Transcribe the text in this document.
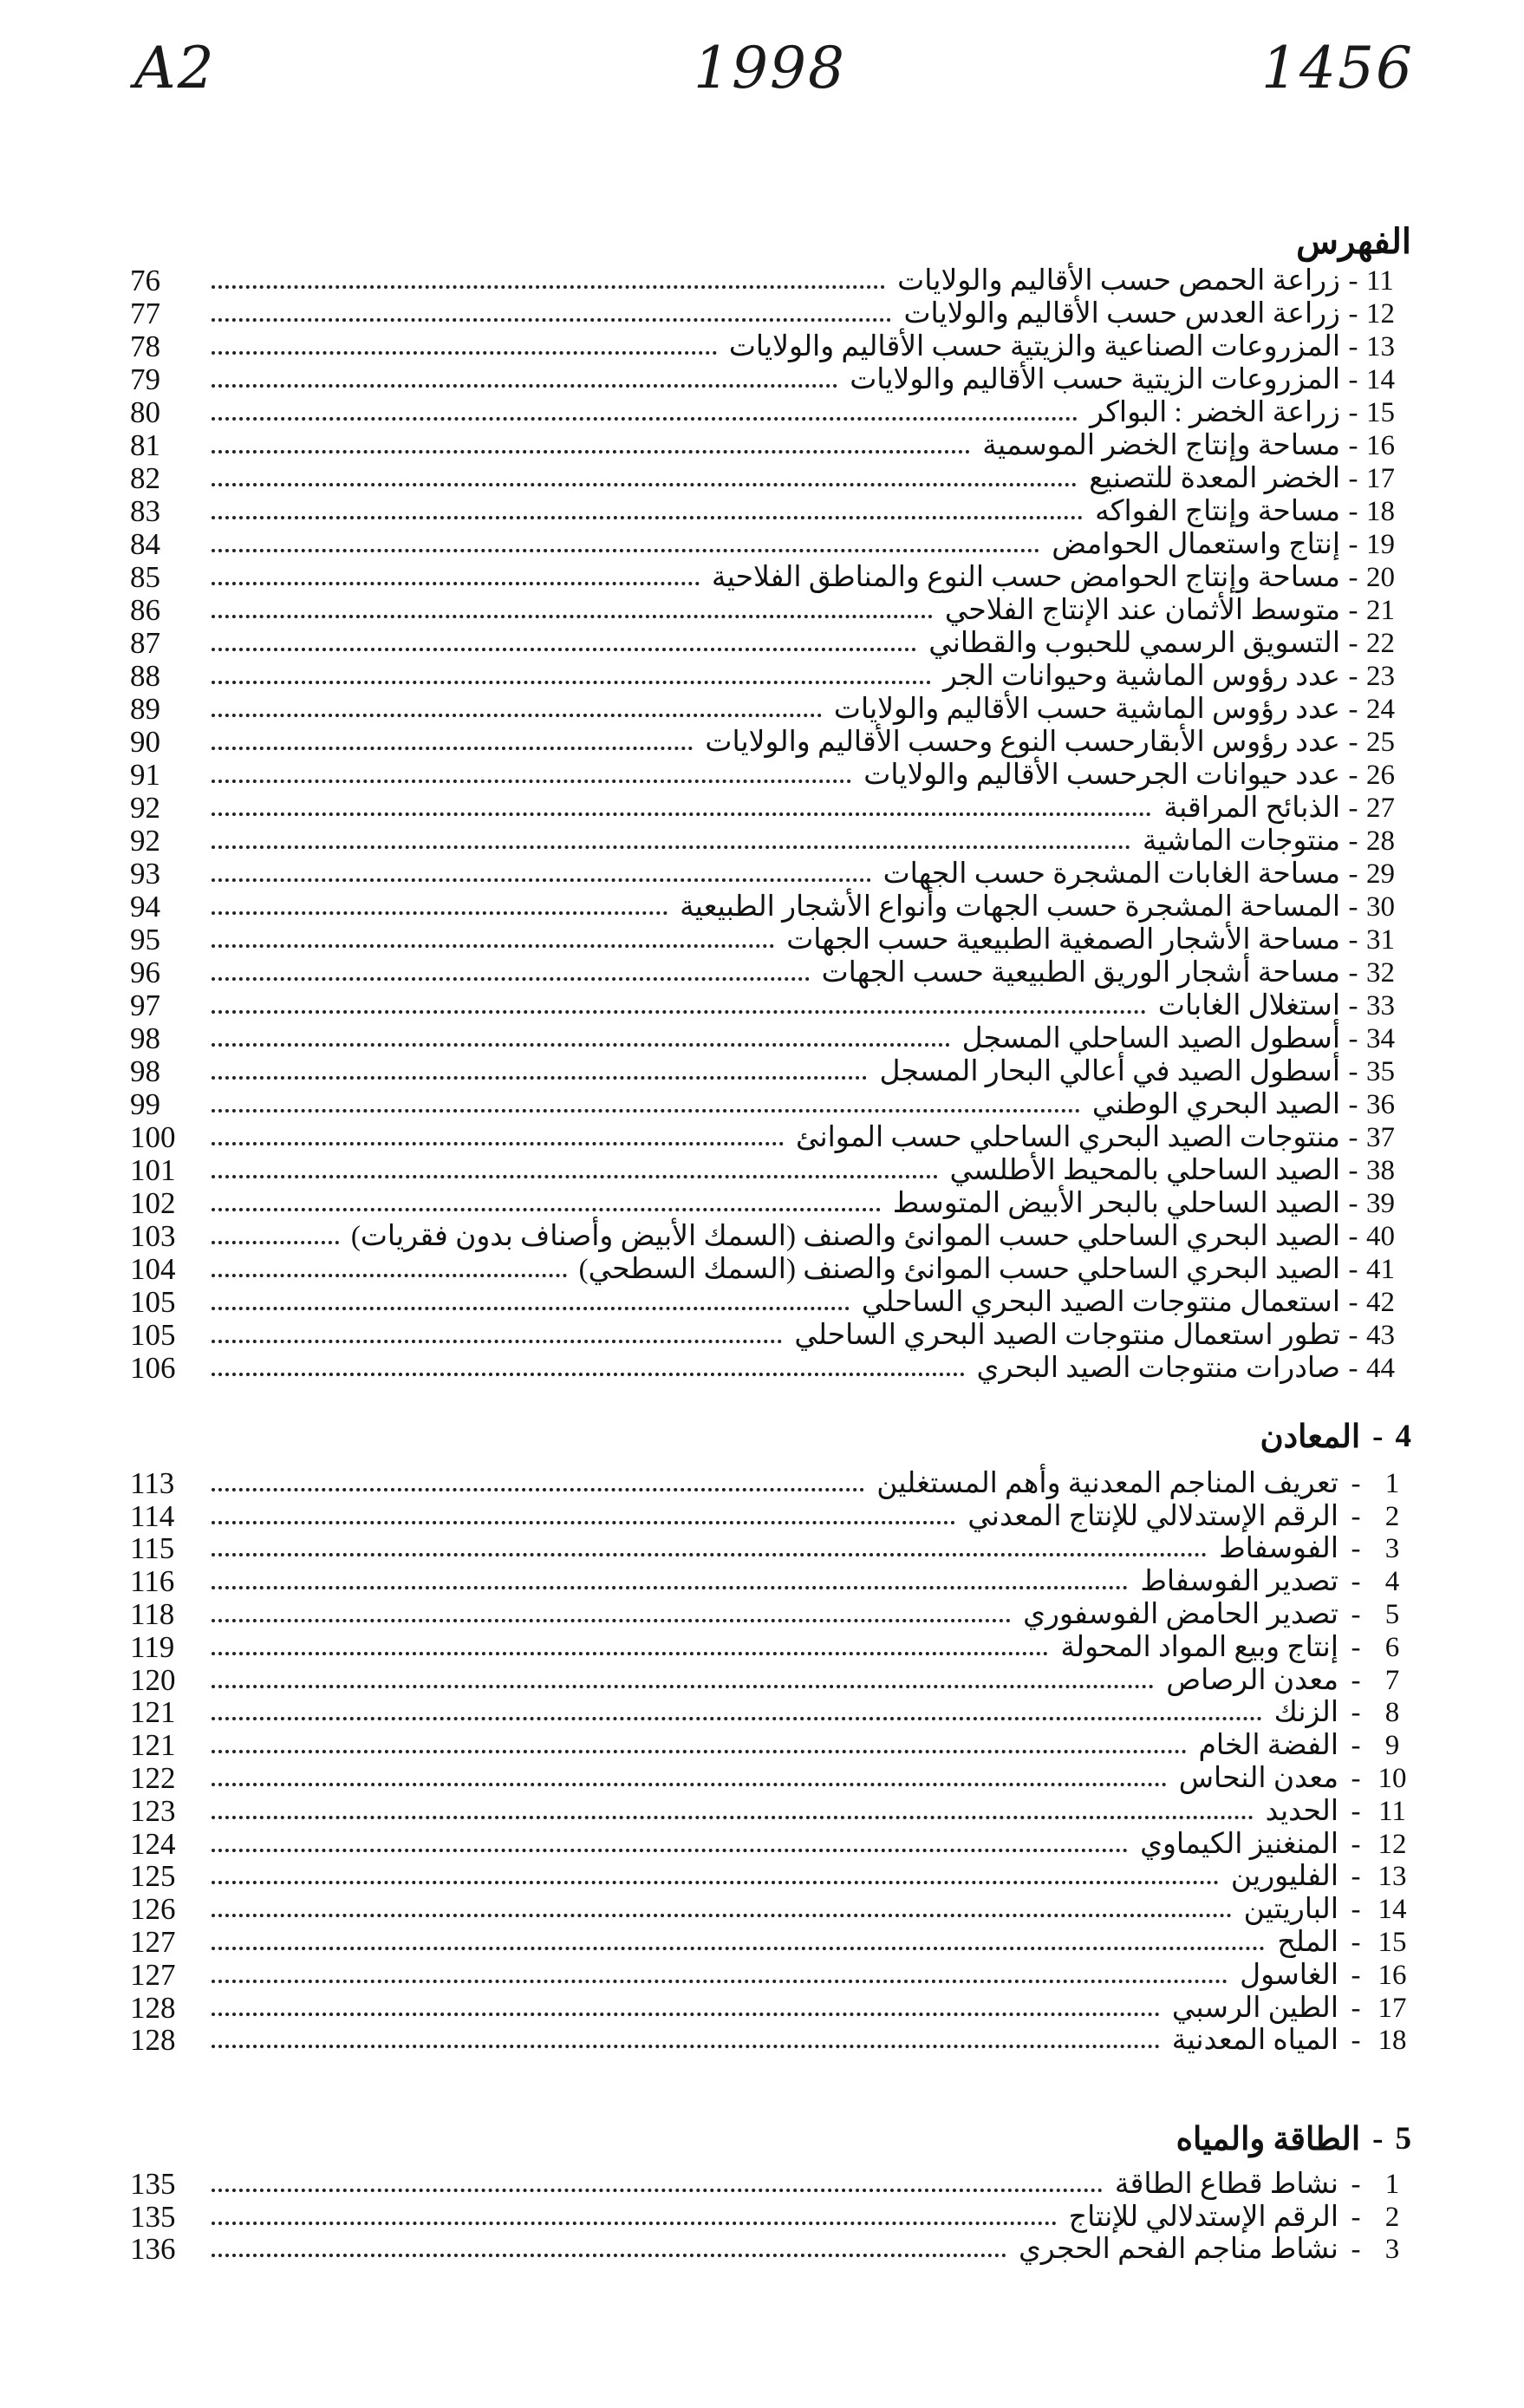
A2	1998	1456
الفهرس
11
-
زراعة الحمص حسب الأقاليم والولايات
76
12
-
زراعة العدس حسب الأقاليم والولايات
77
13
-
المزروعات الصناعية والزيتية حسب الأقاليم والولايات
78
14
-
المزروعات الزيتية حسب الأقاليم والولايات
79
15
-
زراعة الخضر : البواكر
80
16
-
مساحة وإنتاج الخضر الموسمية
81
17
-
الخضر المعدة للتصنيع
82
18
-
مساحة وإنتاج الفواكه
83
19
-
إنتاج واستعمال الحوامض
84
20
-
مساحة وإنتاج الحوامض حسب النوع والمناطق الفلاحية
85
21
-
متوسط الأثمان عند الإنتاج الفلاحي
86
22
-
التسويق الرسمي للحبوب والقطاني
87
23
-
عدد رؤوس الماشية وحيوانات الجر
88
24
-
عدد رؤوس الماشية حسب الأقاليم والولايات
89
25
-
عدد رؤوس الأبقارحسب النوع وحسب الأقاليم والولايات
90
26
-
عدد حيوانات الجرحسب الأقاليم والولايات
91
27
-
الذبائح المراقبة
92
28
-
منتوجات الماشية
92
29
-
مساحة الغابات المشجرة حسب الجهات
93
30
-
المساحة المشجرة حسب الجهات وأنواع الأشجار الطبيعية
94
31
-
مساحة الأشجار الصمغية الطبيعية حسب الجهات
95
32
-
مساحة أشجار الوريق الطبيعية حسب الجهات
96
33
-
استغلال الغابات
97
34
-
أسطول الصيد الساحلي المسجل
98
35
-
أسطول الصيد في أعالي البحار المسجل
98
36
-
الصيد البحري الوطني
99
37
-
منتوجات الصيد البحري الساحلي حسب الموانئ
100
38
-
الصيد الساحلي بالمحيط الأطلسي
101
39
-
الصيد الساحلي بالبحر الأبيض المتوسط
102
40
-
الصيد البحري الساحلي حسب الموانئ والصنف (السمك الأبيض وأصناف بدون فقريات)
103
41
-
الصيد البحري الساحلي حسب الموانئ والصنف (السمك السطحي)
104
42
-
استعمال منتوجات الصيد البحري الساحلي
105
43
-
تطور استعمال منتوجات الصيد البحري الساحلي
105
44
-
صادرات منتوجات الصيد البحري
106
4
-
المعادن
1
-
تعريف المناجم المعدنية وأهم المستغلين
113
2
-
الرقم الإستدلالي للإنتاج المعدني
114
3
-
الفوسفاط
115
4
-
تصدير الفوسفاط
116
5
-
تصدير الحامض الفوسفوري
118
6
-
إنتاج وبيع المواد المحولة
119
7
-
معدن الرصاص
120
8
-
الزنك
121
9
-
الفضة الخام
121
10
-
معدن النحاس
122
11
-
الحديد
123
12
-
المنغنيز الكيماوي
124
13
-
الفليورين
125
14
-
الباريتين
126
15
-
الملح
127
16
-
الغاسول
127
17
-
الطين الرسبي
128
18
-
المياه المعدنية
128
5
-
الطاقة والمياه
1
-
نشاط قطاع الطاقة
135
2
-
الرقم الإستدلالي للإنتاج
135
3
-
نشاط مناجم الفحم الحجري
136
